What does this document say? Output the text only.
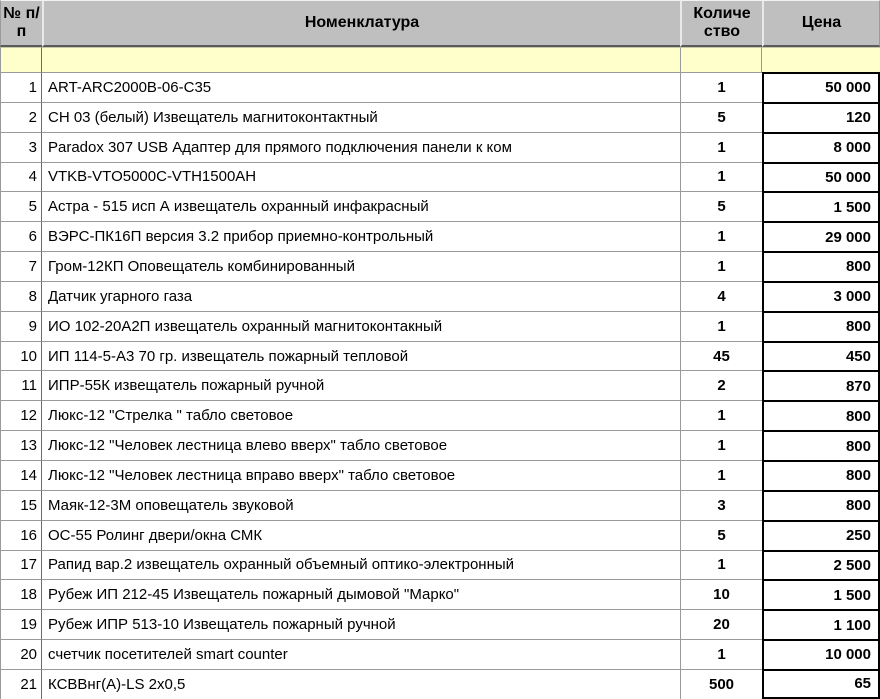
№ п/п	Номенклатура	Количество	Цена

1	ART-ARC2000B-06-C35	1	50 000
2	СН 03 (белый) Извещатель магнитоконтактный	5	120
3	Paradox 307 USB Адаптер для прямого подключения панели к ком	1	8 000
4	VTKB-VTO5000C-VTH1500AH	1	50 000
5	Астра - 515 исп А извещатель охранный инфакрасный	5	1 500
6	ВЭРС-ПК16П версия 3.2 прибор приемно-контрольный	1	29 000
7	Гром-12КП Оповещатель комбинированный	1	800
8	Датчик угарного газа	4	3 000
9	ИО 102-20А2П извещатель охранный магнитоконтакный	1	800
10	ИП 114-5-А3 70 гр. извещатель пожарный тепловой	45	450
11	ИПР-55К извещатель пожарный ручной	2	870
12	Люкс-12 "Стрелка " табло световое	1	800
13	Люкс-12 "Человек лестница влево вверх" табло световое	1	800
14	Люкс-12 "Человек лестница вправо вверх" табло световое	1	800
15	Маяк-12-3М оповещатель звуковой	3	800
16	ОС-55 Ролинг двери/окна СМК	5	250
17	Рапид вар.2 извещатель охранный объемный оптико-электронный	1	2 500
18	Рубеж ИП 212-45 Извещатель пожарный дымовой "Марко"	10	1 500
19	Рубеж ИПР 513-10 Извещатель пожарный ручной	20	1 100
20	счетчик посетителей smart counter	1	10 000
21	КСВВнг(А)-LS 2х0,5	500	65
